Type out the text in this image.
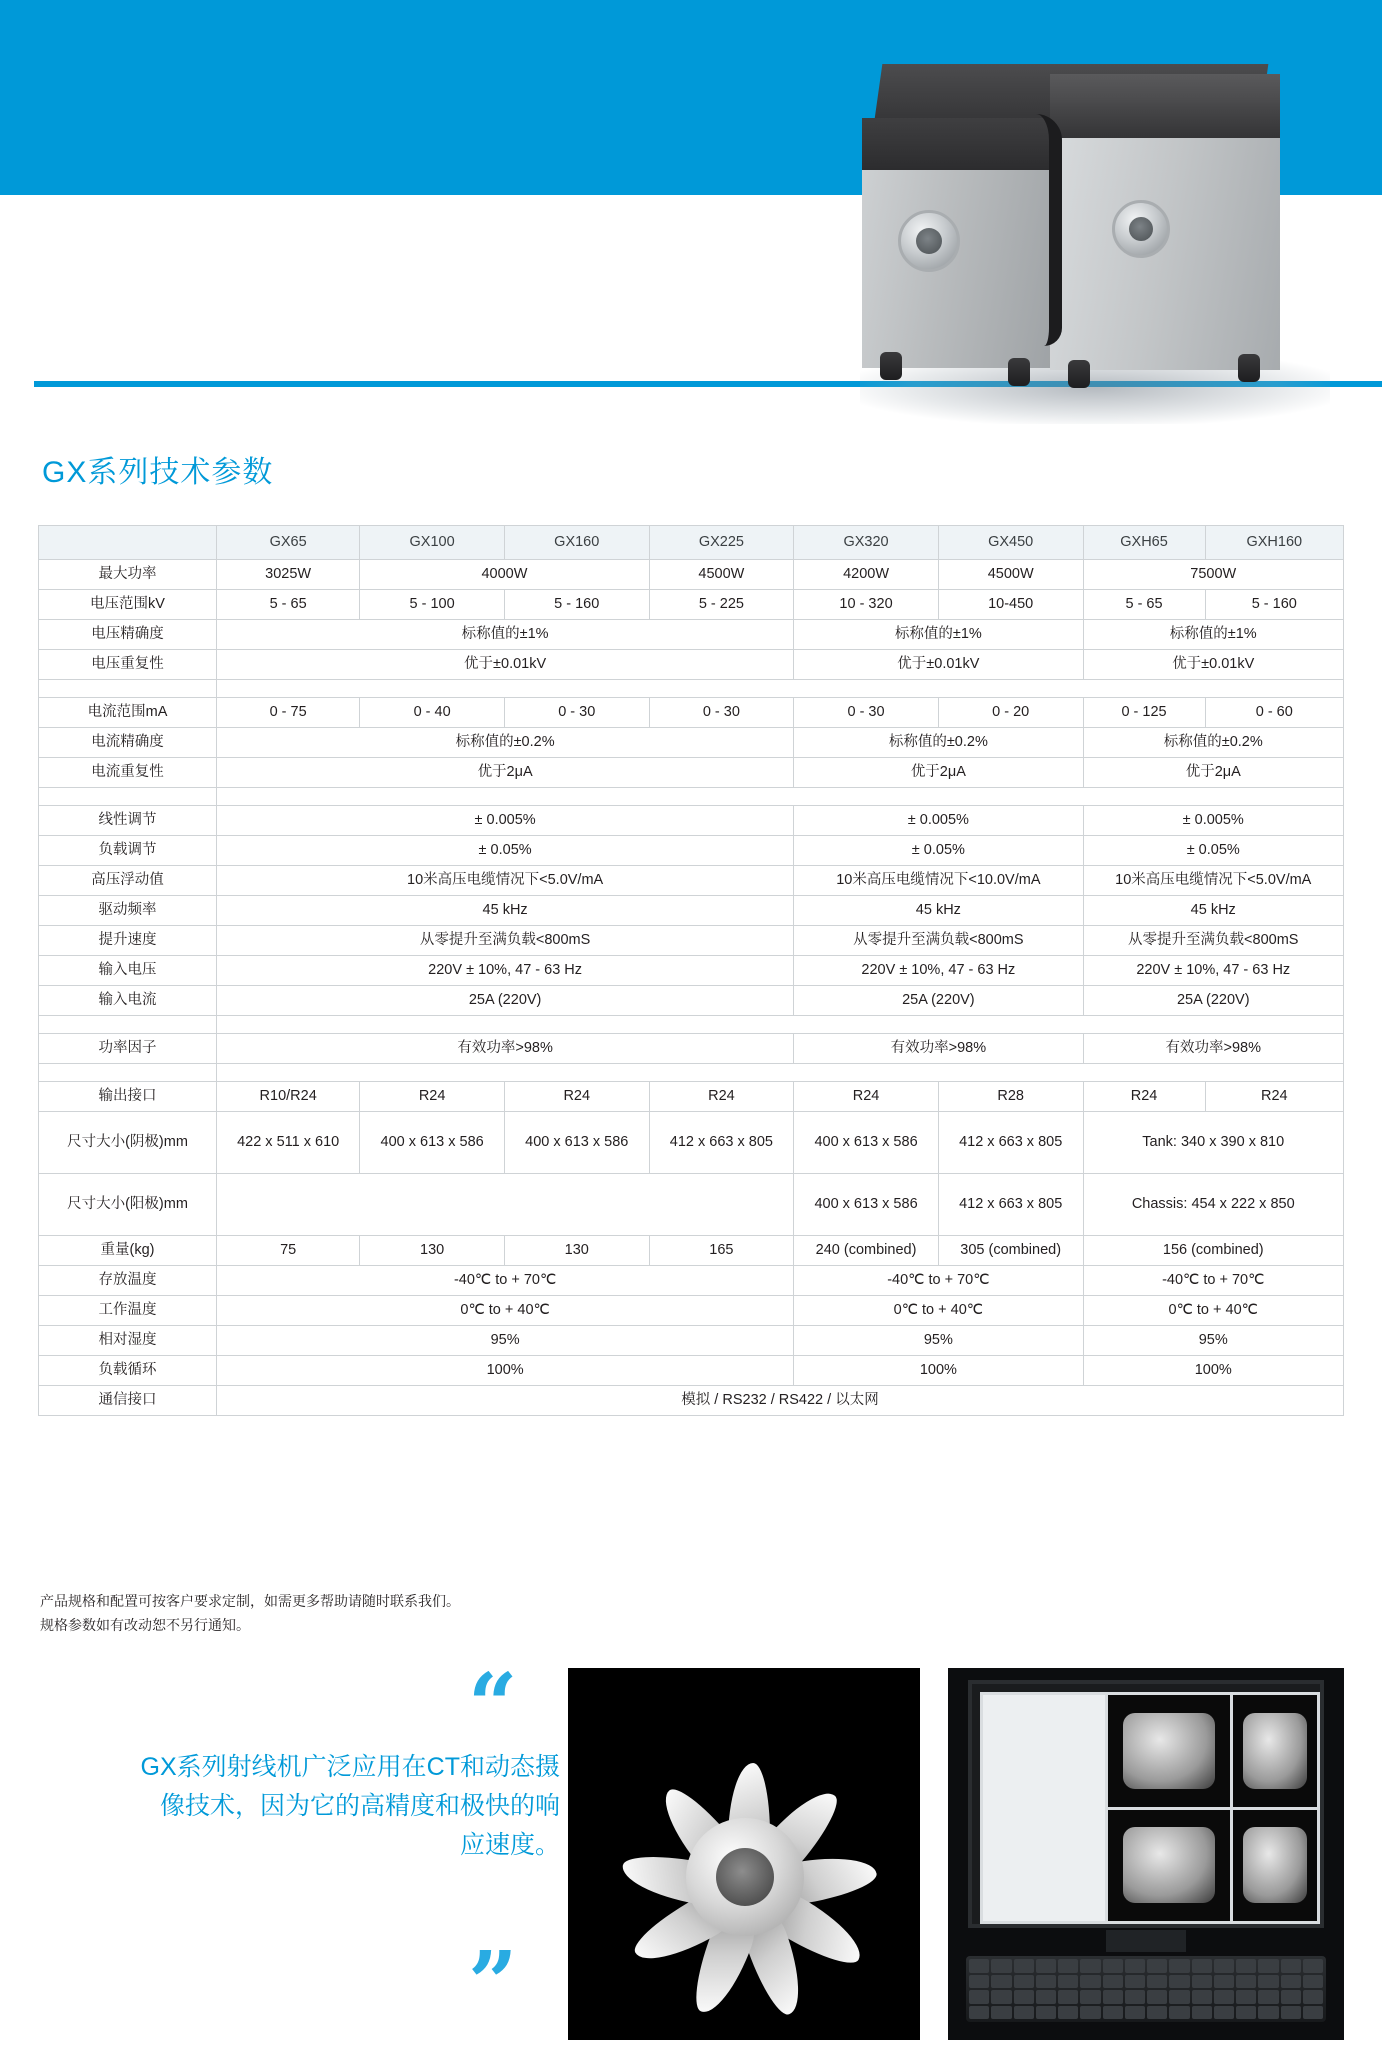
GX系列技术参数
	GX65	GX100	GX160	GX225	GX320	GX450	GXH65	GXH160
最大功率	3025W	4000W		4500W	4200W	4500W	7500W	
电压范围kV	5 - 65	5 - 100	5 - 160	5 - 225	10 - 320	10-450	5 - 65	5 - 160
电压精确度	标称值的±1%				标称值的±1%		标称值的±1%	
电压重复性	优于±0.01kV				优于±0.01kV		优于±0.01kV	

电流范围mA	0 - 75	0 - 40	0 - 30	0 - 30	0 - 30	0 - 20	0 - 125	0 - 60
电流精确度	标称值的±0.2%				标称值的±0.2%		标称值的±0.2%	
电流重复性	优于2μA				优于2μA		优于2μA	

线性调节	± 0.005%				± 0.005%		± 0.005%	
负载调节	± 0.05%				± 0.05%		± 0.05%	
高压浮动值	10米高压电缆情况下<5.0V/mA				10米高压电缆情况下<10.0V/mA		10米高压电缆情况下<5.0V/mA	
驱动频率	45 kHz				45 kHz		45 kHz	
提升速度	从零提升至满负载<800mS				从零提升至满负载<800mS		从零提升至满负载<800mS	
输入电压	220V ± 10%, 47 - 63 Hz				220V ± 10%, 47 - 63 Hz		220V ± 10%, 47 - 63 Hz	
输入电流	25A (220V)				25A (220V)		25A (220V)	

功率因子	有效功率>98%				有效功率>98%		有效功率>98%	

输出接口	R10/R24	R24	R24	R24	R24	R28	R24	R24
尺寸大小(阴极)mm	422 x 511 x 610	400 x 613 x 586	400 x 613 x 586	412 x 663 x 805	400 x 613 x 586	412 x 663 x 805	Tank: 340 x 390 x 810	
尺寸大小(阳极)mm					400 x 613 x 586	412 x 663 x 805	Chassis: 454 x 222 x 850	
重量(kg)	75	130	130	165	240 (combined)	305 (combined)	156 (combined)	
存放温度	-40℃ to + 70℃				-40℃ to + 70℃		-40℃ to + 70℃	
工作温度	0℃ to + 40℃				0℃ to + 40℃		0℃ to + 40℃	
相对湿度	95%				95%		95%	
负载循环	100%				100%		100%	
通信接口	模拟 / RS232 / RS422 / 以太网							
产品规格和配置可按客户要求定制，如需更多帮助请随时联系我们。
规格参数如有改动恕不另行通知。
“
GX系列射线机广泛应用在CT和动态摄像技术，因为它的高精度和极快的响应速度。
”
